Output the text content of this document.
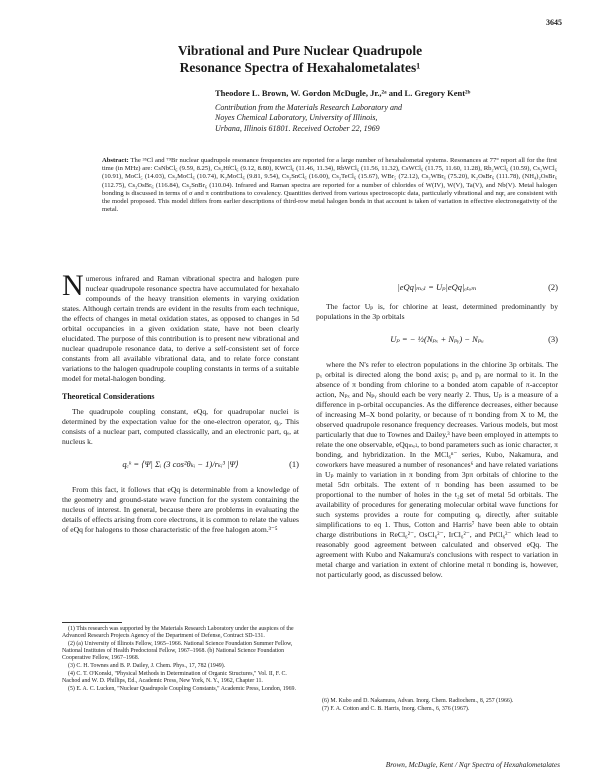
3645
Vibrational and Pure Nuclear Quadrupole
Resonance Spectra of Hexahalometalates¹
Theodore L. Brown, W. Gordon McDugle, Jr.,²ᵃ and L. Gregory Kent²ᵇ
Contribution from the Materials Research Laboratory and
Noyes Chemical Laboratory, University of Illinois,
Urbana, Illinois 61801. Received October 22, 1969
Abstract: The ³⁵Cl and ⁷⁹Br nuclear quadrupole resonance frequencies are reported for a large number of hexahalometal systems. Resonances at 77° report all for the first time (in MHz) are: CsNbCl₆ (9.59, 8.25), Cs₂HfCl₆ (9.12, 8.80), KWCl₆ (11.46, 11.34), RbWCl₆ (11.56, 11.32), CsWCl₆ (11.75, 11.60, 11.28), Rb₂WCl₆ (10.59), Cs₂WCl₆ (10.91), MoCl₅ (14.03), Cs₂MoCl₆ (10.74), K₂MoCl₆ (9.81, 9.54), Cs₂SnCl₆ (16.00), Cs₂TeCl₆ (15.67), WBr₅ (72.12), Cs₂WBr₆ (75.20), K₂OsBr₆ (111.78), (NH₄)₂OsBr₆ (112.75), Cs₂OsBr₆ (116.84), Cs₂SnBr₆ (110.04). Infrared and Raman spectra are reported for a number of chlorides of W(IV), W(V), Ta(V), and Nb(V). Metal halogen bonding is discussed in terms of σ and π contributions to covalency. Quantities derived from various spectroscopic data, particularly vibrational and nqr, are consistent with the model proposed. This model differs from earlier descriptions of third-row metal halogen bonds in that account is taken of variation in effective electronegativity of the metal.

Numerous infrared and Raman vibrational spectra and halogen pure nuclear quadrupole resonance spectra have accumulated for hexahalo compounds of the heavy transition elements in varying oxidation states. Although certain trends are evident in the results from each technique, the effects of changes in metal oxidation states, as opposed to changes in 5d orbital occupancies in a given oxidation state, have not been clearly elucidated. The purpose of this contribution is to present new vibrational and nuclear quadrupole resonance data, to derive a self-consistent set of force constants from all available vibrational data, and to relate force constant variations to the halogen quadrupole coupling constants in terms of a suitable model for metal-halogen bonding.

Theoretical Considerations

The quadrupole coupling constant, eQq, for quadrupolar nuclei is determined by the expectation value for the one-electron operator, q₀. This consists of a nuclear part, computed classically, and an electronic part, qₑ, at nucleus k.

qₑᵏ = ⟨Ψ| Σᵢ (3 cos²θₖᵢ − 1)/rₖᵢ³ |Ψ⟩	(1)

From this fact, it follows that eQq is determinable from a knowledge of the geometry and ground-state wave function for the system containing the nucleus of interest. In general, because there are problems in evaluating the details of effects arising from core electrons, it is common to relate the values of eQq for halogens to those characteristic of the free halogen atom.³⁻⁵

|eQq|ₘₒₗ = Uₚ|eQq|ₐₜₒₘ	(2)

The factor Uₚ is, for chlorine at least, determined predominantly by populations in the 3p orbitals

Uₚ = − ½(Nₚₓ + Nₚᵧ) − Nₚᵤ	(3)

where the N's refer to electron populations in the chlorine 3p orbitals. The pₓ orbital is directed along the bond axis; pₓ and pᵧ are normal to it. In the absence of π bonding from chlorine to a bonded atom capable of π-acceptor action, Nₚₓ and Nₚᵧ should each be very nearly 2. Thus, Uₚ is a measure of a difference in p-orbital occupancies. As the difference decreases, either because of increasing M–X bond polarity, or because of π bonding from X to M, the observed quadrupole resonance frequency decreases. Various models, but most particularly that due to Townes and Dailey,³ have been employed in attempts to relate the one observable, eQqₘₒₗ, to bond parameters such as ionic character, π bonding, and hybridization. In the MCl₆ⁿ⁻ series, Kubo, Nakamura, and coworkers have measured a number of resonances⁶ and have related variations in Uₚ mainly to variation in π bonding from 3pπ orbitals of chlorine to the metal 5dπ orbitals. The extent of π bonding has been assumed to be proportional to the number of holes in the t₂g set of metal 5d orbitals. The availability of procedures for generating molecular orbital wave functions for such systems provides a route for computing qₑ directly, after suitable simplifications to eq 1. Thus, Cotton and Harris⁷ have been able to obtain charge distributions in ReCl₆²⁻, OsCl₆²⁻, IrCl₆²⁻, and PtCl₆²⁻ which lead to reasonably good agreement between calculated and observed eQq. The agreement with Kubo and Nakamura's conclusions with respect to variation in metal charge and variation in extent of chlorine metal π bonding is, however, not particularly good, as discussed below.

(1) This research was supported by the Materials Research Laboratory under the auspices of the Advanced Research Projects Agency of the Department of Defense, Contract SD-131.
(2) (a) University of Illinois Fellow, 1965–1966. National Science Foundation Summer Fellow, National Institutes of Health Predoctoral Fellow, 1967–1968. (b) National Science Foundation Cooperative Fellow, 1967–1968.
(3) C. H. Townes and B. P. Dailey, J. Chem. Phys., 17, 782 (1949).
(4) C. T. O'Konski, "Physical Methods in Determination of Organic Structures," Vol. II, F. C. Nachod and W. D. Phillips, Ed., Academic Press, New York, N. Y., 1962, Chapter 11.
(5) E. A. C. Lucken, "Nuclear Quadrupole Coupling Constants," Academic Press, London, 1969.
(6) M. Kubo and D. Nakamura, Advan. Inorg. Chem. Radiochem., 8, 257 (1966).
(7) F. A. Cotton and C. B. Harris, Inorg. Chem., 6, 376 (1967).
Brown, McDugle, Kent / Nqr Spectra of Hexahalometalates
